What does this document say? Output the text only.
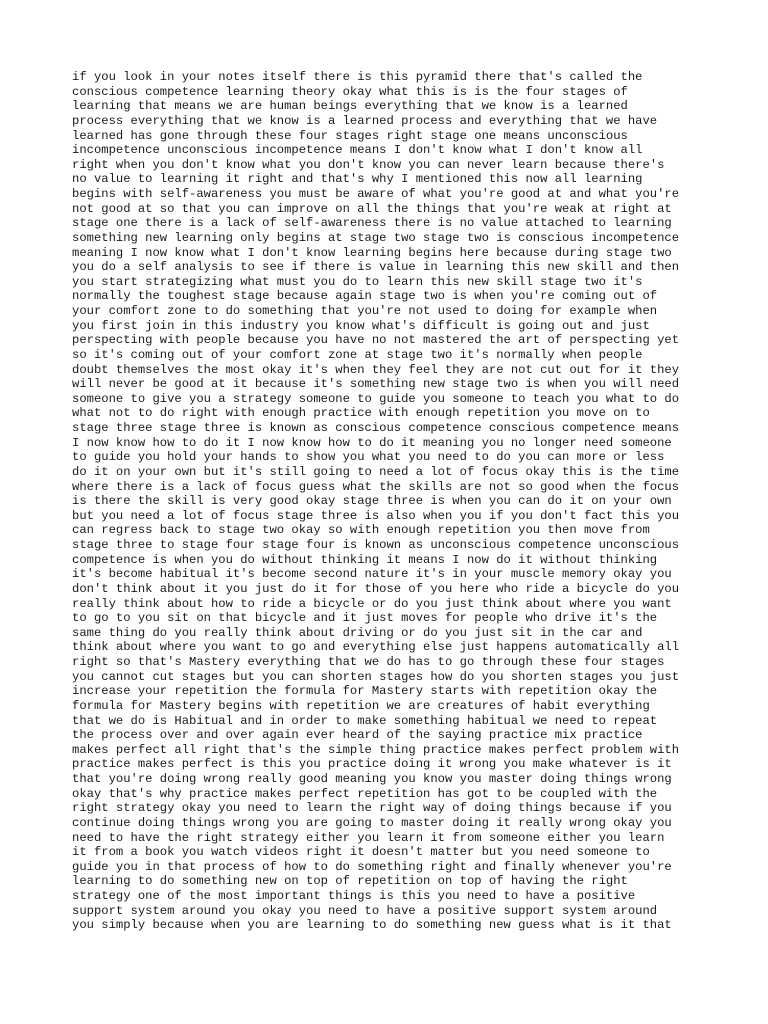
if you look in your notes itself there is this pyramid there that's called the
conscious competence learning theory okay what this is is the four stages of
learning that means we are human beings everything that we know is a learned
process everything that we know is a learned process and everything that we have
learned has gone through these four stages right stage one means unconscious
incompetence unconscious incompetence means I don't know what I don't know all
right when you don't know what you don't know you can never learn because there's
no value to learning it right and that's why I mentioned this now all learning
begins with self-awareness you must be aware of what you're good at and what you're
not good at so that you can improve on all the things that you're weak at right at
stage one there is a lack of self-awareness there is no value attached to learning
something new learning only begins at stage two stage two is conscious incompetence
meaning I now know what I don't know learning begins here because during stage two
you do a self analysis to see if there is value in learning this new skill and then
you start strategizing what must you do to learn this new skill stage two it's
normally the toughest stage because again stage two is when you're coming out of
your comfort zone to do something that you're not used to doing for example when
you first join in this industry you know what's difficult is going out and just
perspecting with people because you have no not mastered the art of perspecting yet
so it's coming out of your comfort zone at stage two it's normally when people
doubt themselves the most okay it's when they feel they are not cut out for it they
will never be good at it because it's something new stage two is when you will need
someone to give you a strategy someone to guide you someone to teach you what to do
what not to do right with enough practice with enough repetition you move on to
stage three stage three is known as conscious competence conscious competence means
I now know how to do it I now know how to do it meaning you no longer need someone
to guide you hold your hands to show you what you need to do you can more or less
do it on your own but it's still going to need a lot of focus okay this is the time
where there is a lack of focus guess what the skills are not so good when the focus
is there the skill is very good okay stage three is when you can do it on your own
but you need a lot of focus stage three is also when you if you don't fact this you
can regress back to stage two okay so with enough repetition you then move from
stage three to stage four stage four is known as unconscious competence unconscious
competence is when you do without thinking it means I now do it without thinking
it's become habitual it's become second nature it's in your muscle memory okay you
don't think about it you just do it for those of you here who ride a bicycle do you
really think about how to ride a bicycle or do you just think about where you want
to go to you sit on that bicycle and it just moves for people who drive it's the
same thing do you really think about driving or do you just sit in the car and
think about where you want to go and everything else just happens automatically all
right so that's Mastery everything that we do has to go through these four stages
you cannot cut stages but you can shorten stages how do you shorten stages you just
increase your repetition the formula for Mastery starts with repetition okay the
formula for Mastery begins with repetition we are creatures of habit everything
that we do is Habitual and in order to make something habitual we need to repeat
the process over and over again ever heard of the saying practice mix practice
makes perfect all right that's the simple thing practice makes perfect problem with
practice makes perfect is this you practice doing it wrong you make whatever is it
that you're doing wrong really good meaning you know you master doing things wrong
okay that's why practice makes perfect repetition has got to be coupled with the
right strategy okay you need to learn the right way of doing things because if you
continue doing things wrong you are going to master doing it really wrong okay you
need to have the right strategy either you learn it from someone either you learn
it from a book you watch videos right it doesn't matter but you need someone to
guide you in that process of how to do something right and finally whenever you're
learning to do something new on top of repetition on top of having the right
strategy one of the most important things is this you need to have a positive
support system around you okay you need to have a positive support system around
you simply because when you are learning to do something new guess what is it that
